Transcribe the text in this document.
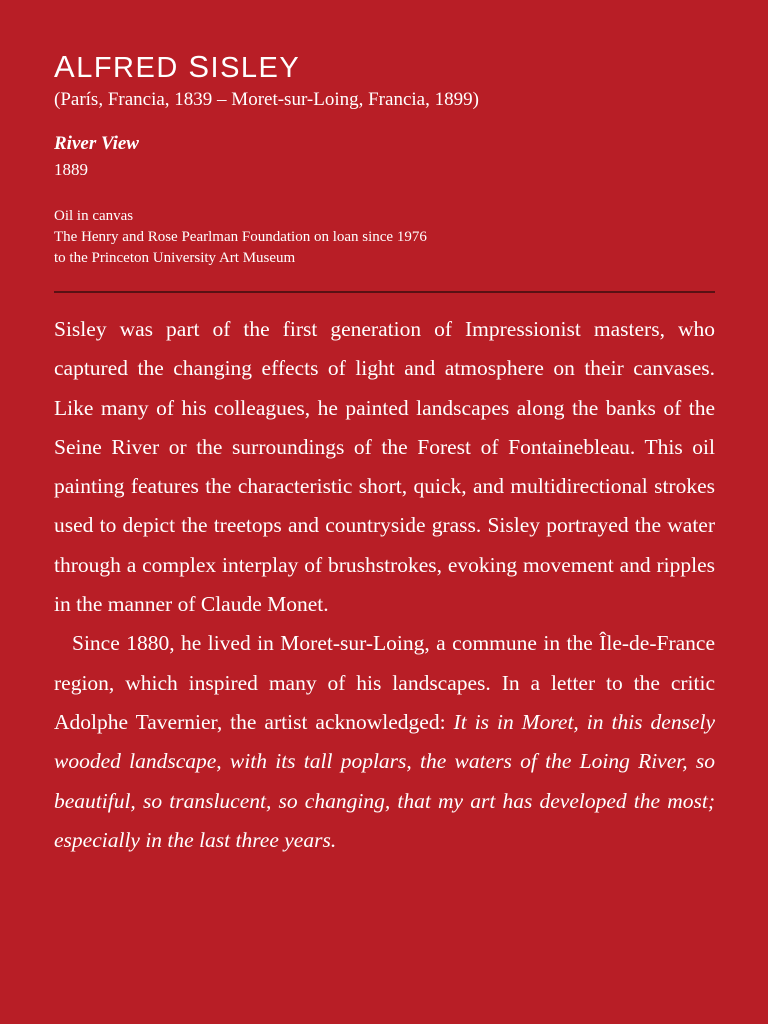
ALFRED SISLEY
(París, Francia, 1839 – Moret-sur-Loing, Francia, 1899)
River View
1889
Oil in canvas
The Henry and Rose Pearlman Foundation on loan since 1976
to the Princeton University Art Museum

Sisley was part of the first generation of Impressionist masters, who captured the changing effects of light and atmosphere on their canvases. Like many of his colleagues, he painted landscapes along the banks of the Seine River or the surroundings of the Forest of Fontainebleau. This oil painting features the characteristic short, quick, and multidirectional strokes used to depict the treetops and countryside grass. Sisley portrayed the water through a complex interplay of brushstrokes, evoking movement and ripples in the manner of Claude Monet.

Since 1880, he lived in Moret-sur-Loing, a commune in the Île-de-France region, which inspired many of his landscapes. In a letter to the critic Adolphe Tavernier, the artist acknowledged: It is in Moret, in this densely wooded landscape, with its tall poplars, the waters of the Loing River, so beautiful, so translucent, so changing, that my art has developed the most; especially in the last three years.
